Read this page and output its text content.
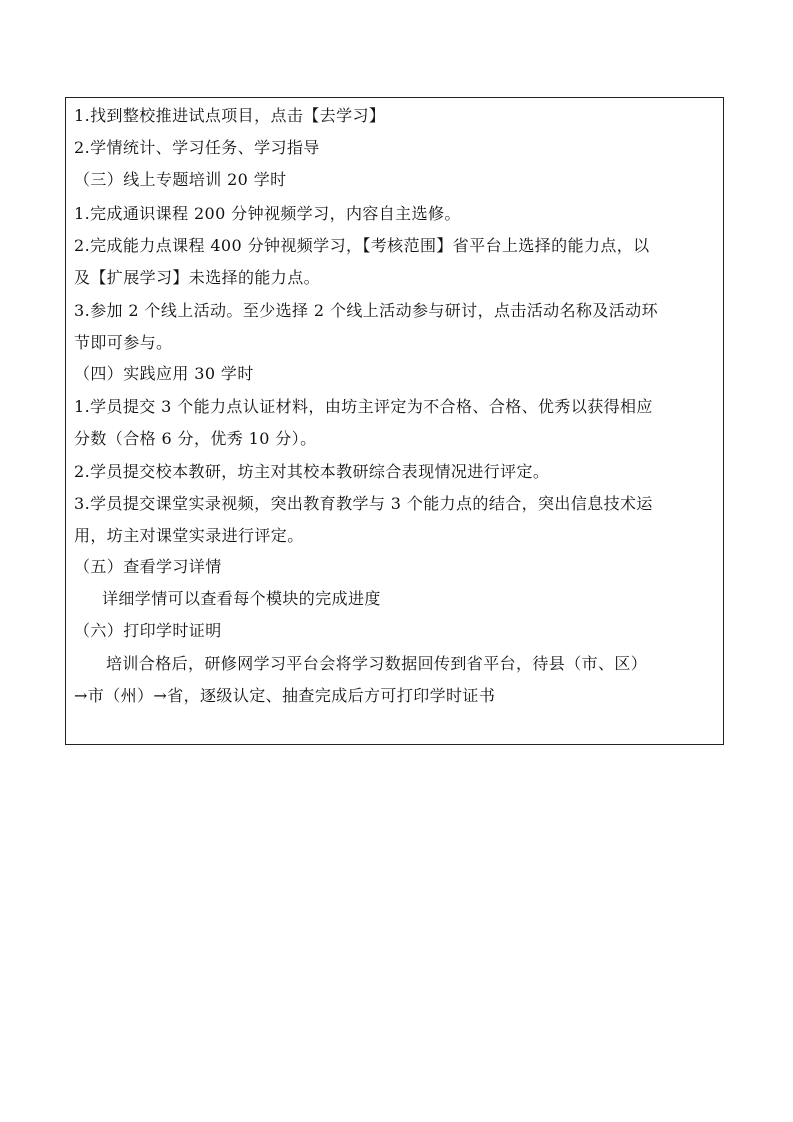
1.找到整校推进试点项目，点击【去学习】
2.学情统计、学习任务、学习指导
（三）线上专题培训 20 学时
1.完成通识课程 200 分钟视频学习，内容自主选修。
2.完成能力点课程 400 分钟视频学习，【考核范围】省平台上选择的能力点，以
及【扩展学习】未选择的能力点。
3.参加 2 个线上活动。至少选择 2 个线上活动参与研讨，点击活动名称及活动环
节即可参与。
（四）实践应用 30 学时
1.学员提交 3 个能力点认证材料，由坊主评定为不合格、合格、优秀以获得相应
分数（合格 6 分，优秀 10 分）。
2.学员提交校本教研，坊主对其校本教研综合表现情况进行评定。
3.学员提交课堂实录视频，突出教育教学与 3 个能力点的结合，突出信息技术运
用，坊主对课堂实录进行评定。
（五）查看学习详情
详细学情可以查看每个模块的完成进度
（六）打印学时证明
培训合格后，研修网学习平台会将学习数据回传到省平台，待县（市、区）
→市（州）→省，逐级认定、抽查完成后方可打印学时证书
